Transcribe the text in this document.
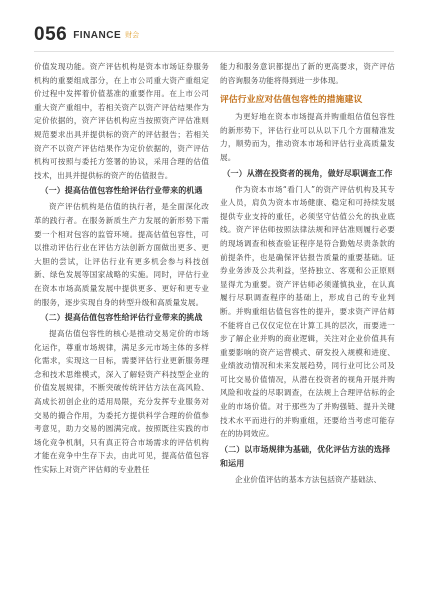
056 FINANCE 财会

价值发现功能。资产评估机构是资本市场证券服务机构的重要组成部分，在上市公司重大资产重组定价过程中发挥着价值基准的重要作用。在上市公司重大资产重组中，若相关资产以资产评估结果作为定价依据的，资产评估机构应当按照资产评估准则规范要求出具并提供标的资产的评估报告；若相关资产不以资产评估结果作为定价依据的，资产评估机构可按照与委托方签署的协议，采用合理的估值技术，出具并提供标的资产的估值报告。

（一）提高估值包容性给评估行业带来的机遇

资产评估机构是估值的执行者，是全面深化改革的践行者。在服务新质生产力发展的新形势下需要一个相对包容的监管环境。提高估值包容性，可以推动评估行业在评估方法创新方面做出更多、更大胆的尝试，让评估行业有更多机会参与科技创新、绿色发展等国家战略的实施。同时，评估行业在资本市场高质量发展中提供更多、更好和更专业的服务，逐步实现自身的转型升级和高质量发展。

（二）提高估值包容性给评估行业带来的挑战

提高估值包容性的核心是推动交易定价的市场化运作，尊重市场规律，满足多元市场主体的多样化需求，实现这一目标，需要评估行业更新服务理念和技术思维模式，深入了解轻资产科技型企业的价值发展规律，不断突破传统评估方法在高风险、高成长初创企业的适用局限，充分发挥专业服务对交易的撮合作用，为委托方提供科学合理的价值参考意见，助力交易的圆满完成。按照既往实践的市场化竞争机制，只有真正符合市场需求的评估机构才能在竞争中生存下去，由此可见，提高估值包容性实际上对资产评估师的专业胜任

能力和服务意识都提出了新的更高要求，资产评估的咨询服务功能将得到进一步体现。

评估行业应对估值包容性的措施建议

为更好地在资本市场提高并购重组估值包容性的新形势下，评估行业可以从以下几个方面精准发力，顺势而为，推动资本市场和评估行业高质量发展。

（一）从潜在投资者的视角，做好尽职调查工作

作为资本市场“看门人”的资产评估机构及其专业人员，肩负为资本市场健康、稳定和可持续发展提供专业支持的重任，必须坚守估值公允的执业底线。资产评估师按照法律法规和评估准则履行必要的现场调查和核查验证程序是符合勤勉尽责条款的前提条件，也是确保评估报告质量的重要基础。证券业务涉及公共利益，坚持独立、客观和公正原则显得尤为重要。资产评估师必须谨慎执业，在认真履行尽职调查程序的基础上，形成自己的专业判断。并购重组估值包容性的提升，要求资产评估师不能将自己仅仅定位在计算工具的层次，而要进一步了解企业并购的商业逻辑，关注对企业价值具有重要影响的资产运营模式、研发投入规模和进度、业绩波动情况和未来发展趋势，同行业可比公司及可比交易价值情况，从潜在投资者的视角开展并购风险和收益的尽职调查，在法规上合理评估标的企业的市场价值。对于那些为了并购强链、提升关键技术水平而进行的并购重组，还要给当考虑可能存在的协同效应。

（二）以市场规律为基础，优化评估方法的选择和运用

企业价值评估的基本方法包括资产基础法、
